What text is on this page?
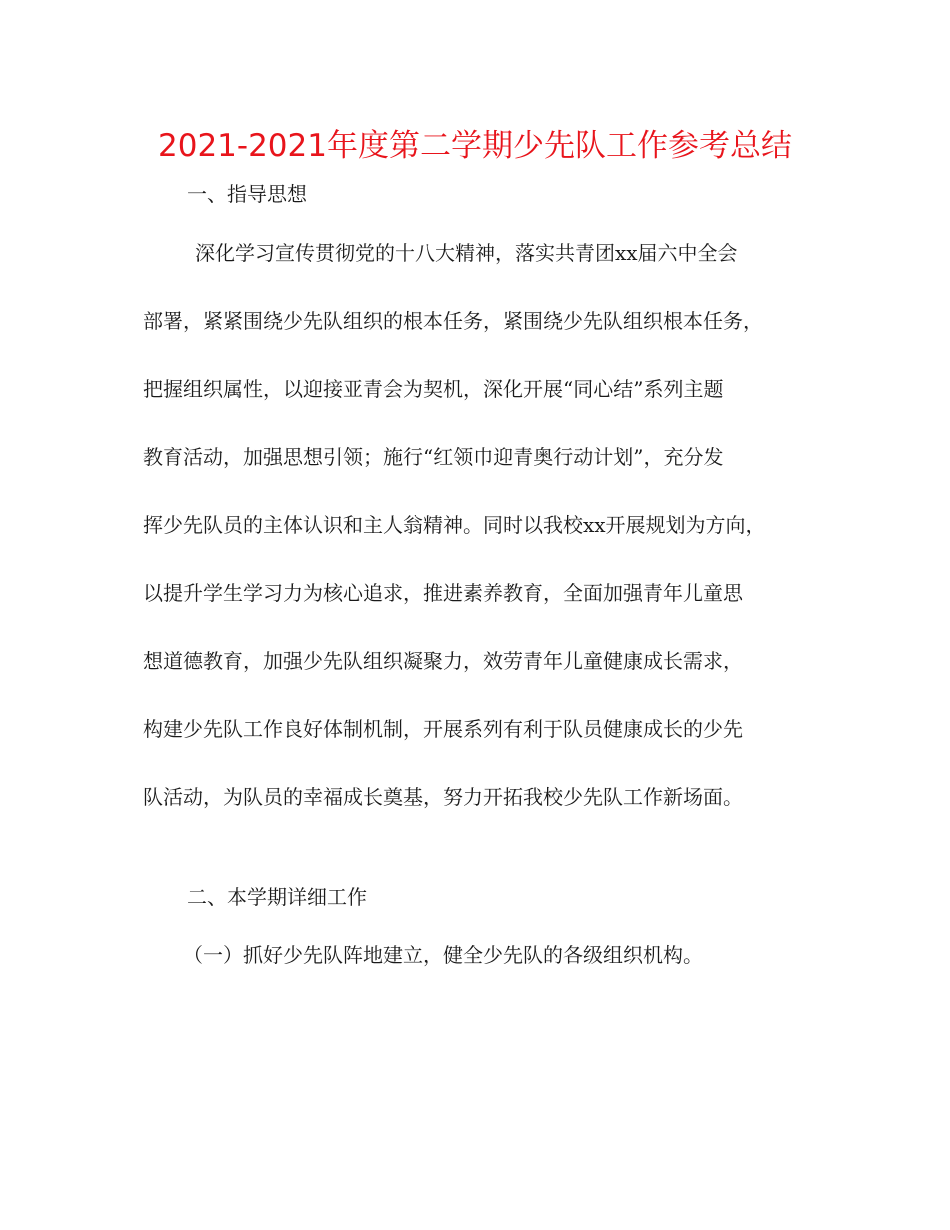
2021-2021年度第二学期少先队工作参考总结
一、指导思想
深化学习宣传贯彻党的十八大精神，落实共青团xx届六中全会
部署，紧紧围绕少先队组织的根本任务，紧围绕少先队组织根本任务，
把握组织属性，以迎接亚青会为契机，深化开展“同心结”系列主题
教育活动，加强思想引领；施行“红领巾迎青奥行动计划”，充分发
挥少先队员的主体认识和主人翁精神。同时以我校xx开展规划为方向，
以提升学生学习力为核心追求，推进素养教育，全面加强青年儿童思
想道德教育，加强少先队组织凝聚力，效劳青年儿童健康成长需求，
构建少先队工作良好体制机制，开展系列有利于队员健康成长的少先
队活动，为队员的幸福成长奠基，努力开拓我校少先队工作新场面。
二、本学期详细工作
（一）抓好少先队阵地建立，健全少先队的各级组织机构。
